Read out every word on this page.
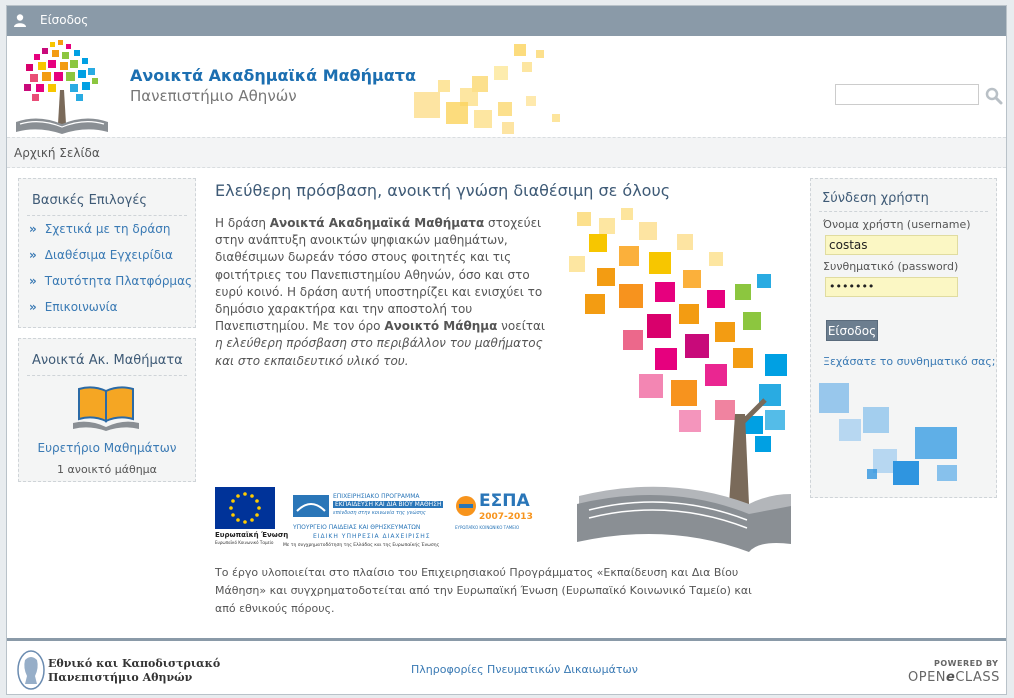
Είσοδος
Ανοικτά Ακαδημαϊκά Μαθήματα
Πανεπιστήμιο Αθηνών
Αρχική Σελίδα
Βασικές Επιλογές
» Σχετικά με τη δράση
» Διαθέσιμα Εγχειρίδια
» Ταυτότητα Πλατφόρμας
» Επικοινωνία
Ανοικτά Ακ. Μαθήματα
Ευρετήριο Μαθημάτων
1 ανοικτό μάθημα
Ελεύθερη πρόσβαση, ανοικτή γνώση διαθέσιμη σε όλους
Η δράση Ανοικτά Ακαδημαϊκά Μαθήματα στοχεύει στην ανάπτυξη ανοικτών ψηφιακών μαθημάτων, διαθέσιμων δωρεάν τόσο στους φοιτητές και τις φοιτήτριες του Πανεπιστημίου Αθηνών, όσο και στο ευρύ κοινό. Η δράση αυτή υποστηρίζει και ενισχύει το δημόσιο χαρακτήρα και την αποστολή του Πανεπιστημίου. Με τον όρο Ανοικτό Μάθημα νοείται η ελεύθερη πρόσβαση στο περιβάλλον του μαθήματος και στο εκπαιδευτικό υλικό του.
Ευρωπαϊκή Ένωση
Ευρωπαϊκό Κοινωνικό Ταμείο
ΕΠΙΧΕΙΡΗΣΙΑΚΟ ΠΡΟΓΡΑΜΜΑ
ΕΚΠΑΙΔΕΥΣΗ ΚΑΙ ΔΙΑ ΒΙΟΥ ΜΑΘΗΣΗ
επένδυση στην κοινωνία της γνώσης
ΥΠΟΥΡΓΕΙΟ ΠΑΙΔΕΙΑΣ ΚΑΙ ΘΡΗΣΚΕΥΜΑΤΩΝ
ΕΙΔΙΚΗ ΥΠΗΡΕΣΙΑ ΔΙΑΧΕΙΡΙΣΗΣ
Με τη συγχρηματοδότηση της Ελλάδας και της Ευρωπαϊκής Ένωσης
ΕΣΠΑ
2007-2013
ΕΥΡΩΠΑΪΚΟ ΚΟΙΝΩΝΙΚΟ ΤΑΜΕΙΟ
Το έργο υλοποιείται στο πλαίσιο του Επιχειρησιακού Προγράμματος «Εκπαίδευση και Δια Βίου Μάθηση» και συγχρηματοδοτείται από την Ευρωπαϊκή Ένωση (Ευρωπαϊκό Κοινωνικό Ταμείο) και από εθνικούς πόρους.
Σύνδεση χρήστη
Όνομα χρήστη (username)
costas
Συνθηματικό (password)
•••••••
Είσοδος
Ξεχάσατε το συνθηματικό σας;
Εθνικό και Καποδιστριακό
Πανεπιστήμιο Αθηνών
Πληροφορίες Πνευματικών Δικαιωμάτων	POWERED BY
OPENeCLASS
